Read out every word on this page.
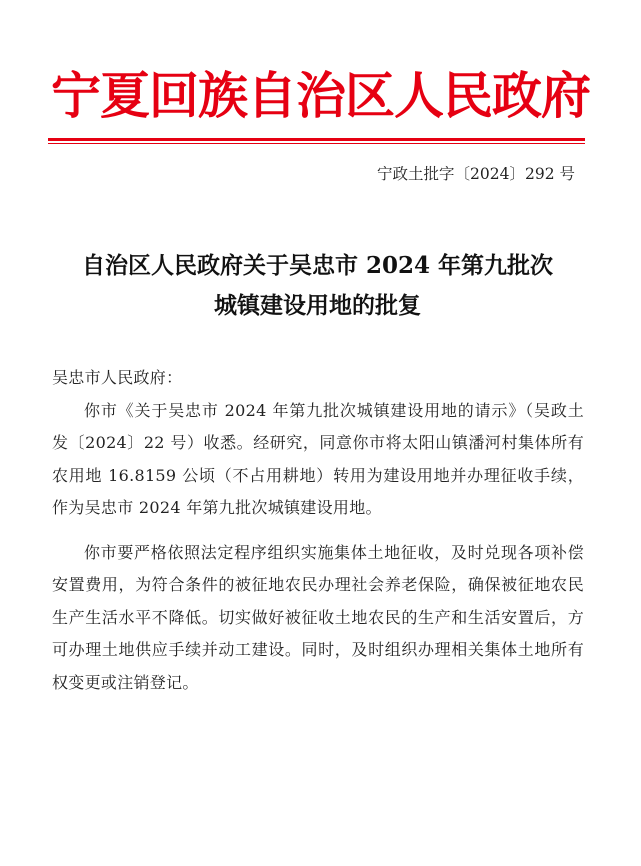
宁夏回族自治区人民政府
宁政土批字〔2024〕292 号
自治区人民政府关于吴忠市 2024 年第九批次
城镇建设用地的批复

吴忠市人民政府：

你市《关于吴忠市 2024 年第九批次城镇建设用地的请示》（吴政土发〔2024〕22 号）收悉。经研究，同意你市将太阳山镇潘河村集体所有农用地 16.8159 公顷（不占用耕地）转用为建设用地并办理征收手续，作为吴忠市 2024 年第九批次城镇建设用地。

你市要严格依照法定程序组织实施集体土地征收，及时兑现各项补偿安置费用，为符合条件的被征地农民办理社会养老保险，确保被征地农民生产生活水平不降低。切实做好被征收土地农民的生产和生活安置后，方可办理土地供应手续并动工建设。同时，及时组织办理相关集体土地所有权变更或注销登记。
